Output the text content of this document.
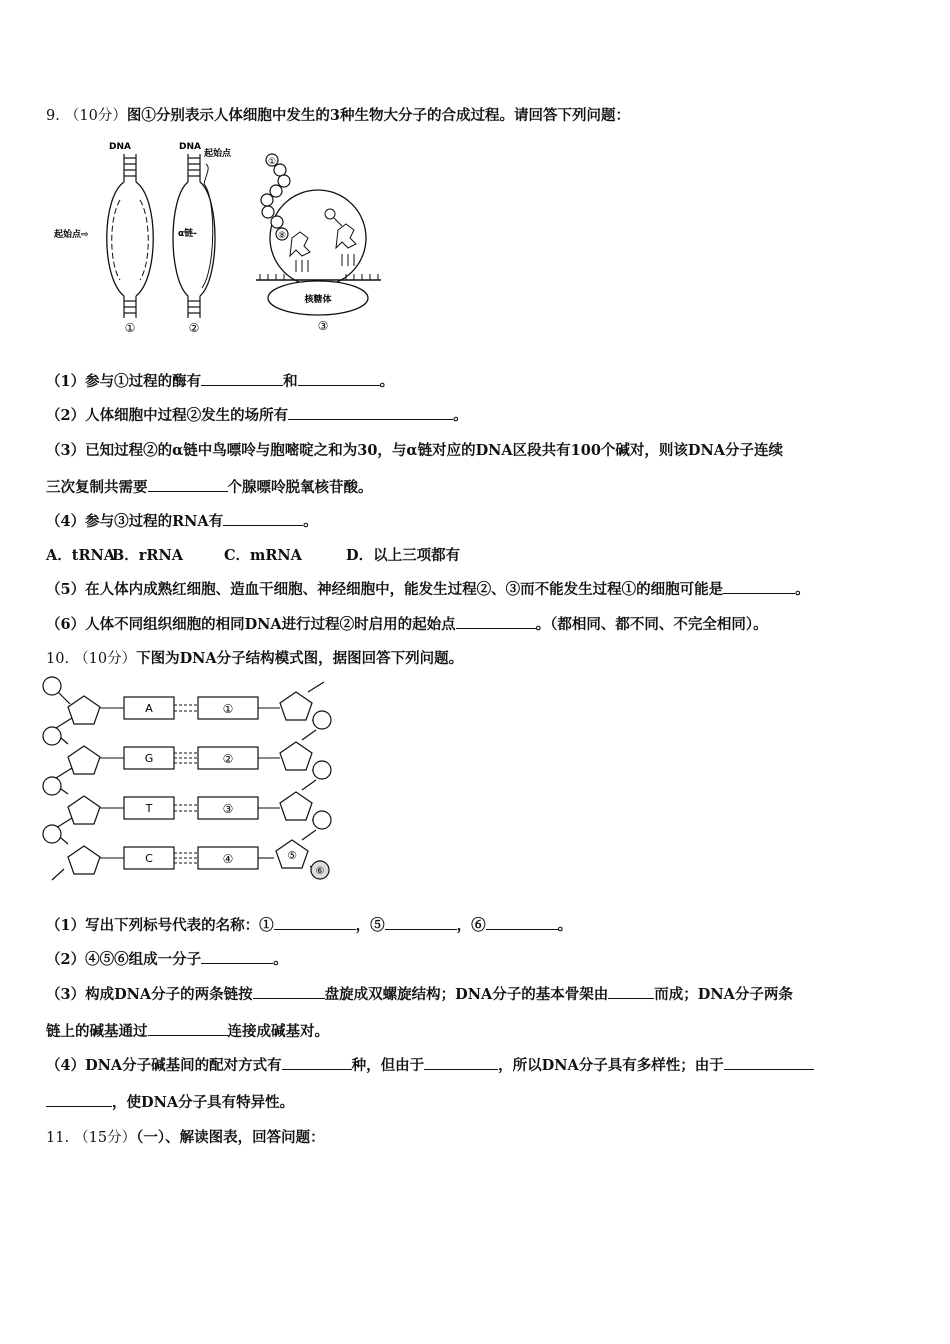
9. （10分）图①分别表示人体细胞中发生的3种生物大分子的合成过程。请回答下列问题：
DNA
起始点⇨
①
DNA
起始点
α链-
②
核糖体
①
⑧
③
（1）参与①过程的酶有	和	。
（2）人体细胞中过程②发生的场所有	。
（3）已知过程②的α链中鸟嘌呤与胞嘧啶之和为30，与α链对应的DNA区段共有100个碱对，则该DNA分子连续
三次复制共需要	个腺嘌呤脱氧核苷酸。
（4）参与③过程的RNA有	。
A．tRNAB．rRNA	C．mRNA	D．以上三项都有
（5）在人体内成熟红细胞、造血干细胞、神经细胞中，能发生过程②、③而不能发生过程①的细胞可能是	。
（6）人体不同组织细胞的相同DNA进行过程②时启用的起始点	。（都相同、都不同、不完全相同）。
10. （10分）下图为DNA分子结构模式图，据图回答下列问题。
A
G
T
C
①
②
③
④	⑤
⑥
（1）写出下列标号代表的名称：①	，⑤	，⑥	。
（2）④⑤⑥组成一分子	。
（3）构成DNA分子的两条链按	盘旋成双螺旋结构；DNA分子的基本骨架由	而成；DNA分子两条
链上的碱基通过	连接成碱基对。
（4）DNA分子碱基间的配对方式有	种，但由于	，所以DNA分子具有多样性；由于
，使DNA分子具有特异性。
11. （15分）（一）、解读图表，回答问题：
